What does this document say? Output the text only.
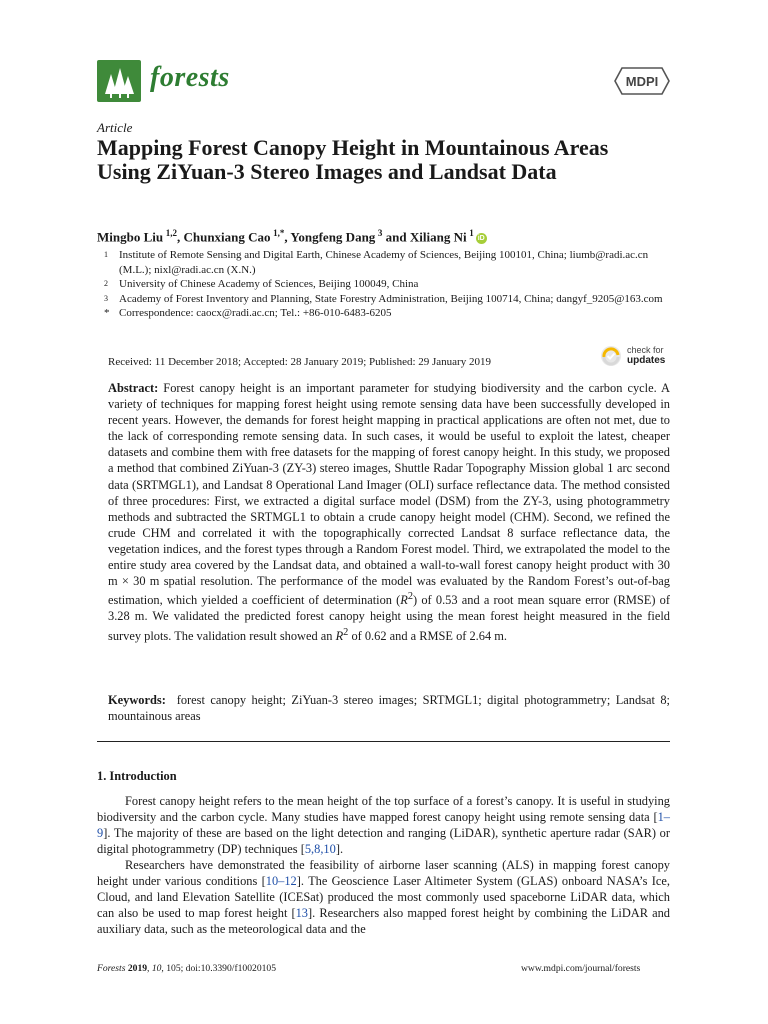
forests	MDPI
Article
Mapping Forest Canopy Height in Mountainous Areas Using ZiYuan-3 Stereo Images and Landsat Data
Mingbo Liu  $^{1,2}$, Chunxiang Cao  $^{1,*}$, Yongfeng Dang  $^3$ and Xiliang Ni  $^1$iD
1	Institute of Remote Sensing and Digital Earth, Chinese Academy of Sciences, Beijing 100101, China; liumb@radi.ac.cn (M.L.); nixl@radi.ac.cn (X.N.)
2	University of Chinese Academy of Sciences, Beijing 100049, China
3	Academy of Forest Inventory and Planning, State Forestry Administration, Beijing 100714, China; dangyf_9205@163.com
* Correspondence: caocx@radi.ac.cn; Tel.: +86-010-6483-6205
Received: 11 December 2018; Accepted: 28 January 2019; Published: 29 January 2019
check for
updates

Abstract: Forest canopy height is an important parameter for studying biodiversity and the carbon cycle. A variety of techniques for mapping forest height using remote sensing data have been successfully developed in recent years. However, the demands for forest height mapping in practical applications are often not met, due to the lack of corresponding remote sensing data. In such cases, it would be useful to exploit the latest, cheaper datasets and combine them with free datasets for the mapping of forest canopy height. In this study, we proposed a method that combined ZiYuan-3 (ZY-3) stereo images, Shuttle Radar Topography Mission global 1 arc second data (SRTMGL1), and Landsat 8 Operational Land Imager (OLI) surface reflectance data. The method consisted of three procedures: First, we extracted a digital surface model (DSM) from the ZY-3, using photogrammetry methods and subtracted the SRTMGL1 to obtain a crude canopy height model (CHM). Second, we refined the crude CHM and correlated it with the topographically corrected Landsat 8 surface reflectance data, the vegetation indices, and the forest types through a Random Forest model. Third, we extrapolated the model to the entire study area covered by the Landsat data, and obtained a wall-to-wall forest canopy height product with 30 m × 30 m spatial resolution. The performance of the model was evaluated by the Random Forest’s out-of-bag estimation, which yielded a coefficient of determination $(R^2)$ of 0.53 and a root mean square error (RMSE) of 3.28 m. We validated the predicted forest canopy height using the mean forest height measured in the field survey plots. The validation result showed an $R^2$ of 0.62 and a RMSE of 2.64 m.

Keywords: forest canopy height; ZiYuan-3 stereo images; SRTMGL1; digital photogrammetry; Landsat 8; mountainous areas

1. Introduction

Forest canopy height refers to the mean height of the top surface of a forest’s canopy. It is useful in studying biodiversity and the carbon cycle. Many studies have mapped forest canopy height using remote sensing data [1–9]. The majority of these are based on the light detection and ranging (LiDAR), synthetic aperture radar (SAR) or digital photogrammetry (DP) techniques [5,8,10].

Researchers have demonstrated the feasibility of airborne laser scanning (ALS) in mapping forest canopy height under various conditions [10–12]. The Geoscience Laser Altimeter System (GLAS) onboard NASA’s Ice, Cloud, and land Elevation Satellite (ICESat) produced the most commonly used spaceborne LiDAR data, which can also be used to map forest height [13]. Researchers also mapped forest height by combining the LiDAR and auxiliary data, such as the meteorological data and the

Forests 2019, 10, 105; doi:10.3390/f10020105	www.mdpi.com/journal/forests
